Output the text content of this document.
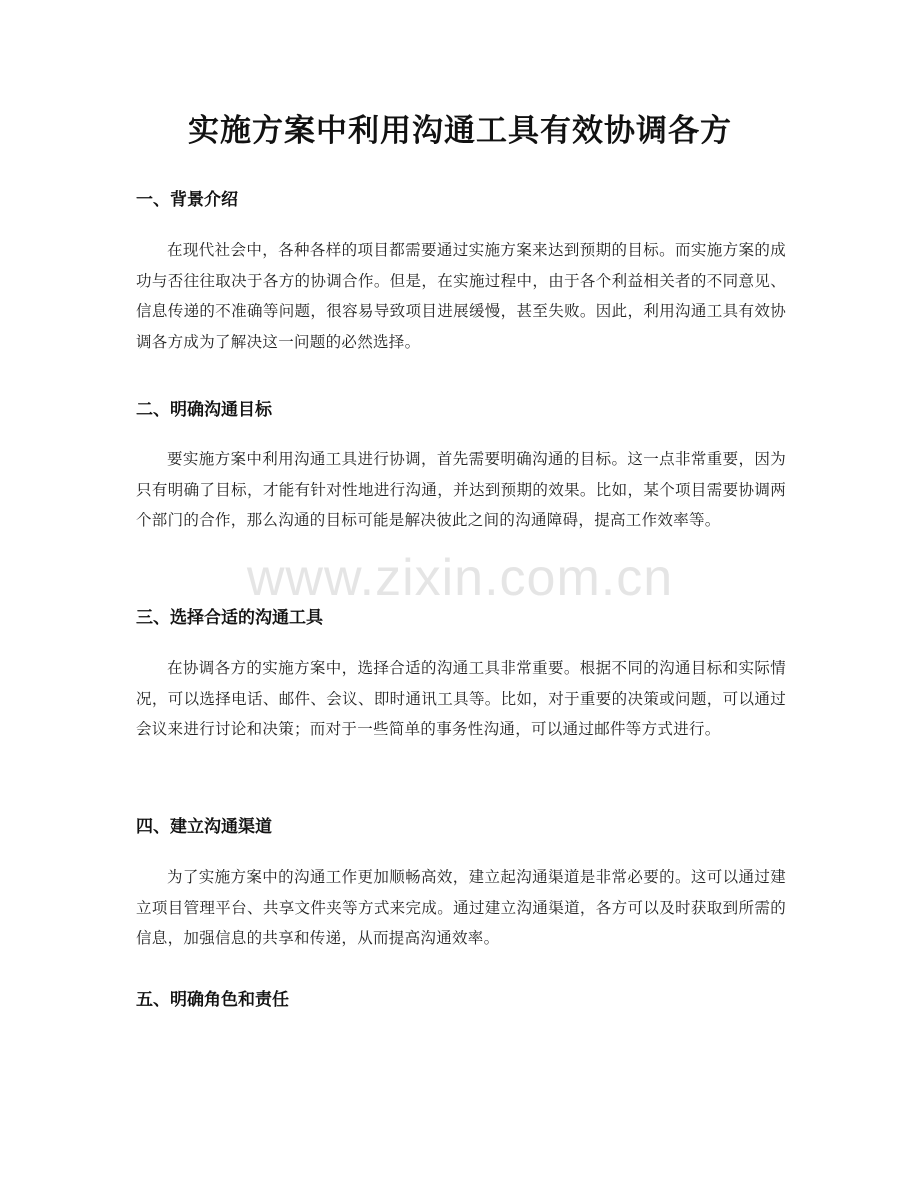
实施方案中利用沟通工具有效协调各方
一、背景介绍

在现代社会中，各种各样的项目都需要通过实施方案来达到预期的目标。而实施方案的成功与否往往取决于各方的协调合作。但是，在实施过程中，由于各个利益相关者的不同意见、信息传递的不准确等问题，很容易导致项目进展缓慢，甚至失败。因此，利用沟通工具有效协调各方成为了解决这一问题的必然选择。

二、明确沟通目标

要实施方案中利用沟通工具进行协调，首先需要明确沟通的目标。这一点非常重要，因为只有明确了目标，才能有针对性地进行沟通，并达到预期的效果。比如，某个项目需要协调两个部门的合作，那么沟通的目标可能是解决彼此之间的沟通障碍，提高工作效率等。

三、选择合适的沟通工具

在协调各方的实施方案中，选择合适的沟通工具非常重要。根据不同的沟通目标和实际情况，可以选择电话、邮件、会议、即时通讯工具等。比如，对于重要的决策或问题，可以通过会议来进行讨论和决策；而对于一些简单的事务性沟通，可以通过邮件等方式进行。

四、建立沟通渠道

为了实施方案中的沟通工作更加顺畅高效，建立起沟通渠道是非常必要的。这可以通过建立项目管理平台、共享文件夹等方式来完成。通过建立沟通渠道，各方可以及时获取到所需的信息，加强信息的共享和传递，从而提高沟通效率。

五、明确角色和责任
www.zixin.com.cn
